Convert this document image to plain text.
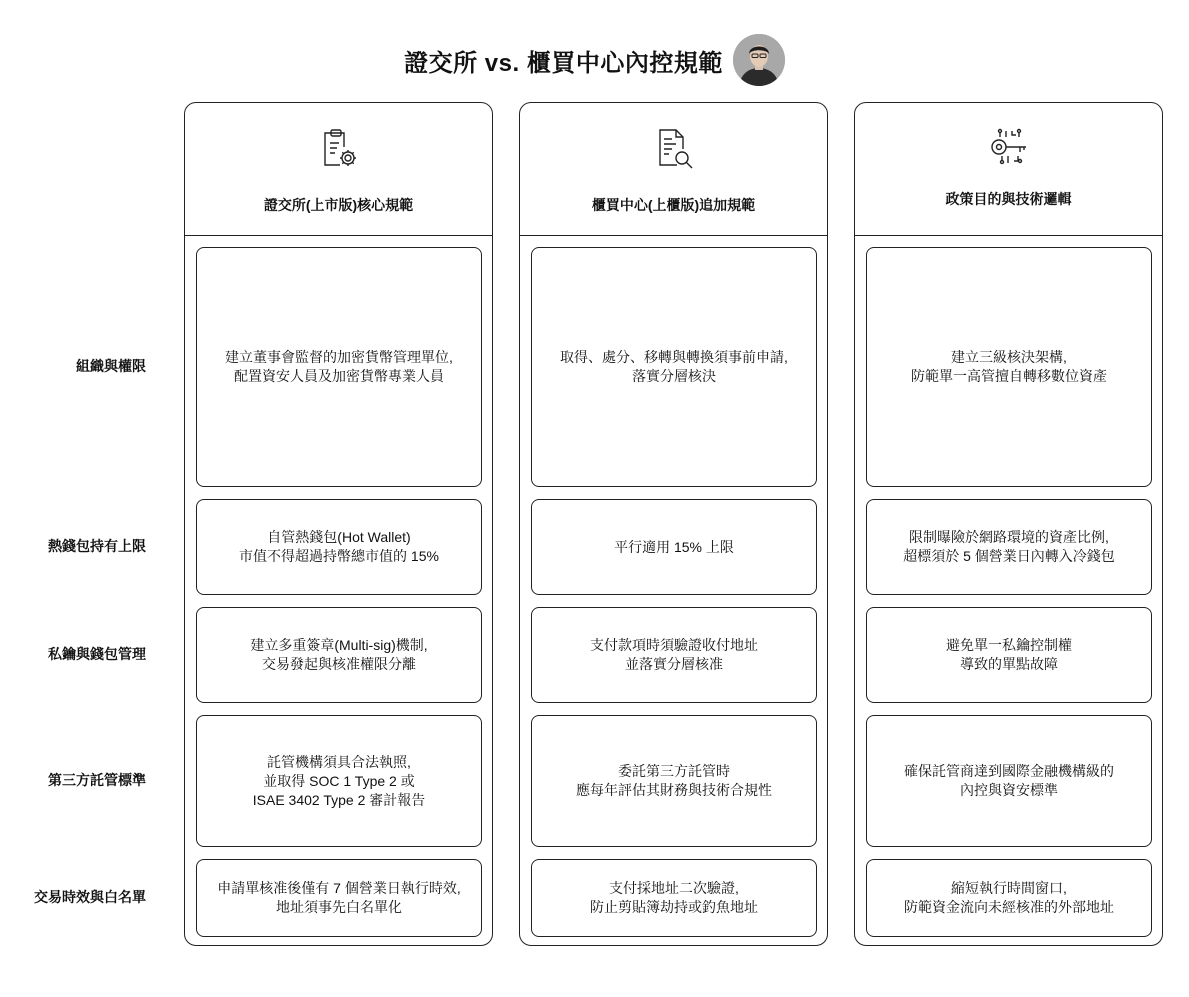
證交所 vs. 櫃買中心內控規範
組織與權限
熱錢包持有上限
私鑰與錢包管理
第三方託管標準
交易時效與白名單
證交所(上市版)核心規範
建立董事會監督的加密貨幣管理單位,
配置資安人員及加密貨幣專業人員
自管熱錢包(Hot Wallet)
市值不得超過持幣總市值的 15%
建立多重簽章(Multi-sig)機制,
交易發起與核准權限分離
託管機構須具合法執照,
並取得 SOC 1 Type 2 或
ISAE 3402 Type 2 審計報告
申請單核准後僅有 7 個營業日執行時效,
地址須事先白名單化
櫃買中心(上櫃版)追加規範
取得、處分、移轉與轉換須事前申請,
落實分層核決
平行適用 15% 上限
支付款項時須驗證收付地址
並落實分層核准
委託第三方託管時
應每年評估其財務與技術合規性
支付採地址二次驗證,
防止剪貼簿劫持或釣魚地址
政策目的與技術邏輯
建立三級核決架構,
防範單一高管擅自轉移數位資產
限制曝險於網路環境的資產比例,
超標須於 5 個營業日內轉入冷錢包
避免單一私鑰控制權
導致的單點故障
確保託管商達到國際金融機構級的
內控與資安標準
縮短執行時間窗口,
防範資金流向未經核准的外部地址
